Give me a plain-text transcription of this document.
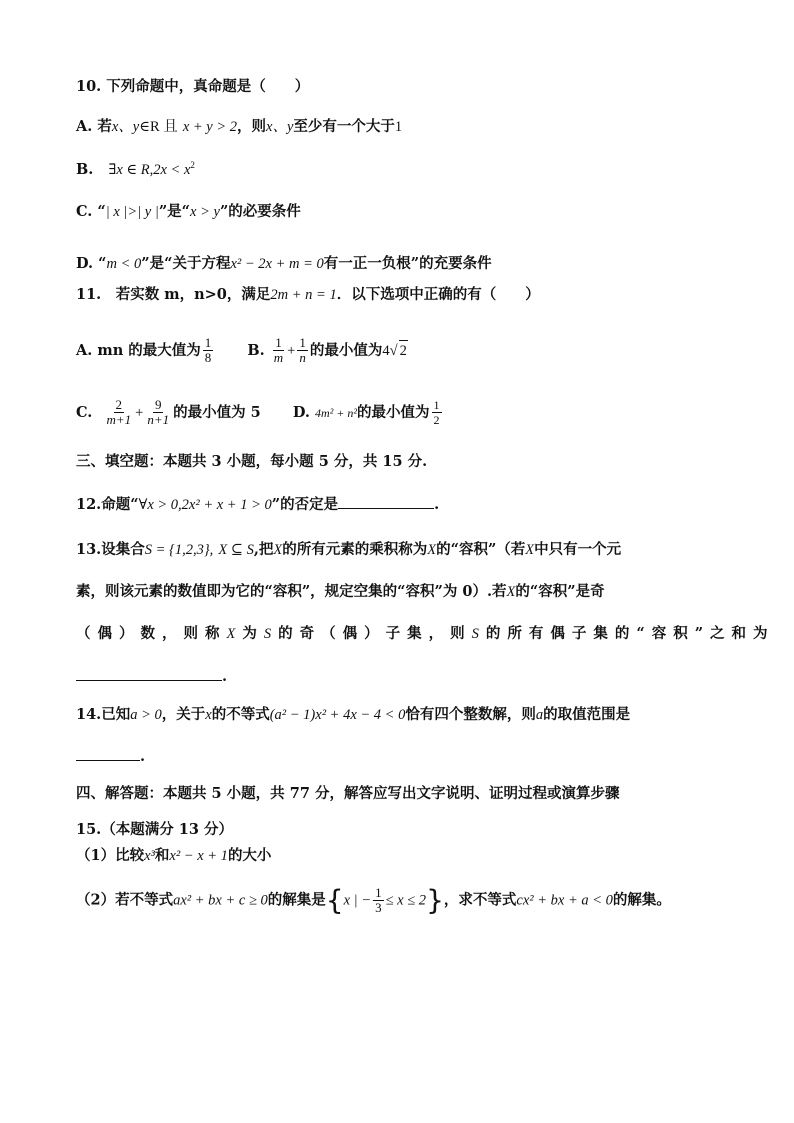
10. 下列命题中，真命题是（　　）
A. 若x、y∈R 且 x + y > 2，则x、y至少有一个大于1
B. ∃x ∈ $R,2x < x^2$
C. “| x |>| y |”是“x > y”的必要条件
D. “m < 0”是“关于方程x² − 2x + m = 0有一正一负根”的充要条件
11.　若实数 m，n>0，满足2m + n = 1．以下选项中正确的有（　　）
A. mn 的最大值为 $\frac{1}{8} B$. $\frac{1}{m} + \frac{1}{n}$ 的最小值为4√ 2
C. $\frac{2}{m+1} + \frac{9}{n+1}$ 的最小值为 5 D. 4m² + n²的最小值为 $\frac{1}{2}$
三、填空题：本题共 3 小题，每小题 5 分，共 15 分.
12.命题“∀x > 0,2x² + x + 1 > 0”的否定是	.
13.设集合S = {1,2,3}, X ⊆ S,把X的所有元素的乘积称为X的“容积”（若X中只有一个元
素，则该元素的数值即为它的“容积”，规定空集的“容积”为 0）.若X的“容积”是奇
（偶）数，则称X为S的奇（偶）子集，则S的所有偶子集的“容积”之和为
.
14.已知a > 0，关于x的不等式(a² − 1)x² + 4x − 4 < 0恰有四个整数解，则a的取值范围是
.
四、解答题：本题共 5 小题，共 77 分，解答应写出文字说明、证明过程或演算步骤
15.（本题满分 13 分）
（1）比较x³和x² − x + 1的大小
（2）若不等式ax² + bx + c ≥ 0的解集是{x | − $\frac{1}{3} \le x \le 2$}，求不等式cx² + bx + a < 0的解集。
